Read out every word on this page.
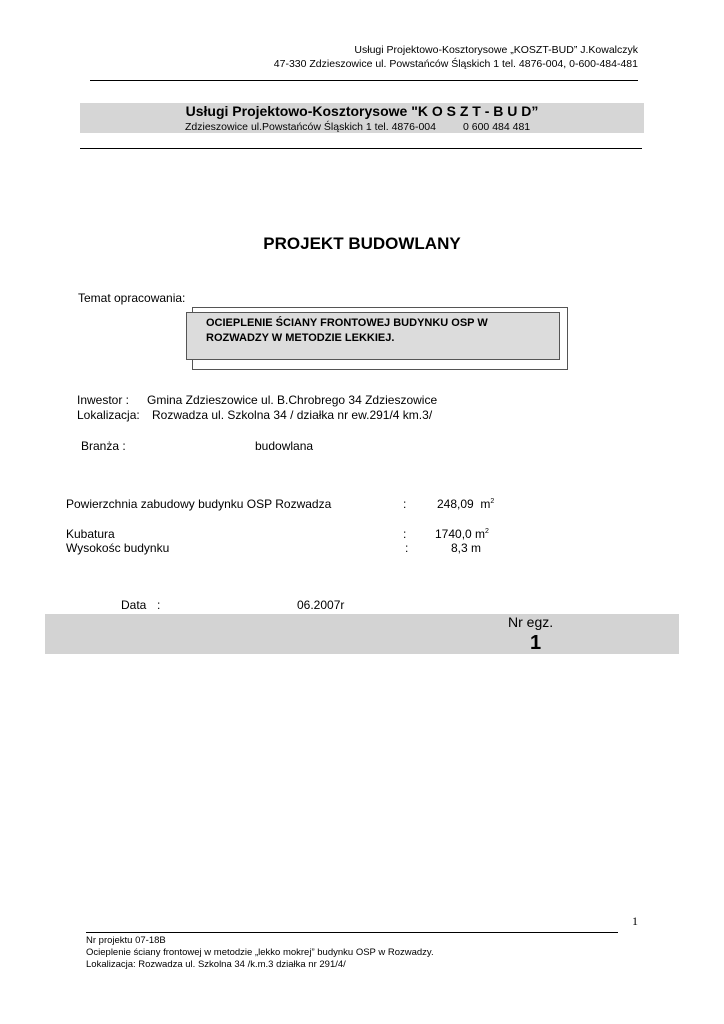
Usługi Projektowo-Kosztorysowe „KOSZT-BUD” J.Kowalczyk
47-330 Zdzieszowice ul. Powstańców Śląskich 1 tel. 4876-004, 0-600-484-481
Usługi Projektowo-Kosztorysowe "K O S Z T - B U D”
Zdzieszowice ul.Powstańców Śląskich 1 tel. 4876-004	0 600 484 481
PROJEKT BUDOWLANY
Temat opracowania:
OCIEPLENIE ŚCIANY FRONTOWEJ BUDYNKU OSP W
ROZWADZY W METODZIE LEKKIEJ.
Inwestor : Gmina Zdzieszowice ul. B.Chrobrego 34 Zdzieszowice
Lokalizacja: Rozwadza ul. Szkolna 34 / działka nr ew.291/4 km.3/
Branża :	budowlana
Powierzchnia zabudowy budynku OSP Rozwadza	:	248,09 $m^2$
Kubatura	: 1740,0 $m^2$
Wysokośc budynku	:	8,3 m
Data :	06.2007r
Nr egz.
1
1
Nr projektu 07-18B
Ocieplenie ściany frontowej w metodzie „lekko mokrej” budynku OSP w Rozwadzy.
Lokalizacja: Rozwadza ul. Szkolna 34 /k.m.3 działka nr 291/4/
